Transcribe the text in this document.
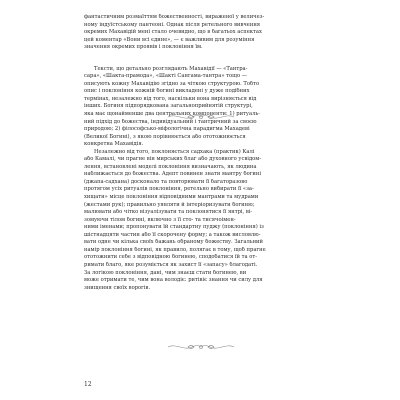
фантастичним розмаїттям божественності, вираженої у величез-
ному індуїстському пантеоні. Однак після ретельного вивчення
окремих Махавідій мені стало очевидно, що в багатьох аспектах
цей коментар «Вони всі єдине», — є важливим для розуміння
значення окремих проявів і поклоніння їм.
Тексти, що детально розглядають Махавідії — «Тантра-
сара», «Шакта-прамода», «Шакті Сангама-тантра» тощо —
описують кожну Махавідію згідно за чіткою структурою. Тобто
опис і поклоніння кожній богині викладені у дуже подібних
термінах, незалежно від того, наскільки вона вирізняється від
інших. Богиня підпорядкована загальноприйнятій структурі,
яка має щонайменше два центральних компоненти: 1) ритуаль-
ний підхід до божества, індивідуальний і тантричний за своєю
природою; 2) філософсько-міфологічна парадигма Махадеві
(Великої Богині), з якою порівнюється або ототожнюється
конкретна Махавідія.
Незалежно від того, поклоняється садхака (практик) Калі
або Камалі, чи прагне він мирських благ або духовного усвідом-
лення, встановлені моделі поклоніння визначають, як людина
наближається до божества. Адепт повинен знати мантру богині
(джапа-садхана) досконало та повторювати її багаторазово
протягом усіх ритуалів поклоніння, ретельно вибирати її «за-
хищати» місце поклоніння відповідними мантрами та мудрами
(жестами рук); правильно уявляти й інтеріоризувати богиню;
малювати або чітко візуалізувати та поклонятися її янтрі, ві-
зомуючи тілом богині, включно з її сто- та тисячоімен-
ними іменами; пропонувати їй стандартну пуджу (поклоніння) із
шістнадцяти частин або її скорочену форму; а також висловлю-
вати одне чи кілька своїх бажань обраному божеству. Загальний
намір поклоніння богині, як правило, полягає в тому, щоб прагне
ототожнити себе з відповідною богинею, сподобатися їй та от-
римати благо, яке розуміється як захист її «запасу» благодаті.
За логікою поклоніння, дані, чим знаєш стати богинею, ви
може отримати те, чим вона володіє: ритівіє знання чи силу для
знищення своїх ворогів.
12
